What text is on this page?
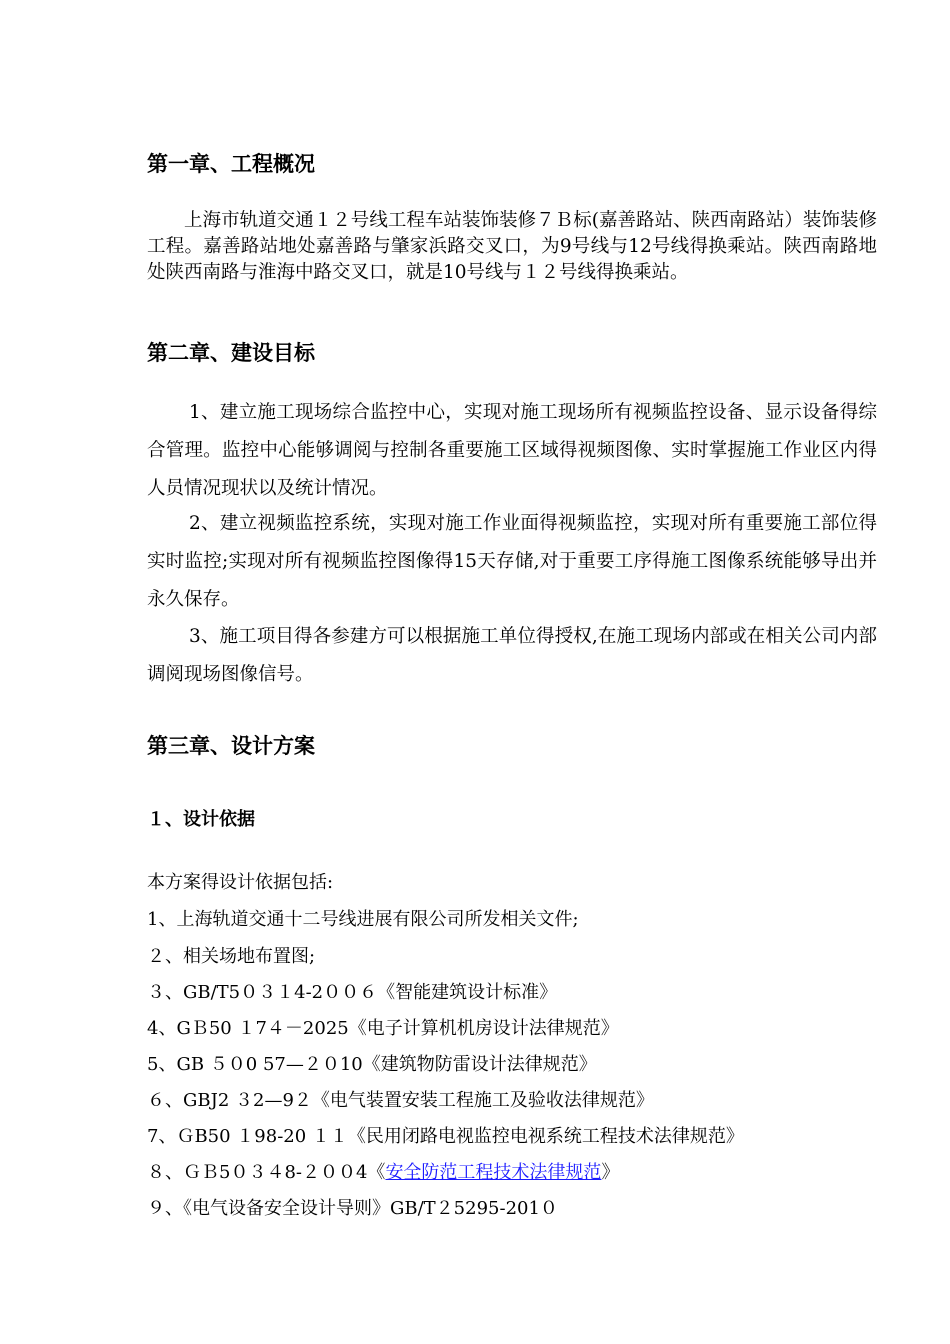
第一章、工程概况
上海市轨道交通１２号线工程车站装饰装修７Ｂ标(嘉善路站、陕西南路站）装饰装修工程。嘉善路站地处嘉善路与肇家浜路交叉口，为9号线与12号线得换乘站。陕西南路地处陕西南路与淮海中路交叉口，就是10号线与１２号线得换乘站。
第二章、建设目标
1、建立施工现场综合监控中心，实现对施工现场所有视频监控设备、显示设备得综合管理。监控中心能够调阅与控制各重要施工区域得视频图像、实时掌握施工作业区内得人员情况现状以及统计情况。
2、建立视频监控系统，实现对施工作业面得视频监控，实现对所有重要施工部位得实时监控;实现对所有视频监控图像得15天存储,对于重要工序得施工图像系统能够导出并永久保存。
3、施工项目得各参建方可以根据施工单位得授权,在施工现场内部或在相关公司内部调阅现场图像信号。
第三章、设计方案
１、设计依据
本方案得设计依据包括:
1、上海轨道交通十二号线进展有限公司所发相关文件;
２、相关场地布置图;
３、GB/T5０３１4-2００６《智能建筑设计标准》
4、GＢ50 １7４－2025《电子计算机机房设计法律规范》
5、GB ５０0 57—２０10《建筑物防雷设计法律规范》
６、GBJ2 ３2—9２《电气装置安装工程施工及验收法律规范》
7、ＧB50 １98-20 １１《民用闭路电视监控电视系统工程技术法律规范》
８、ＧＢ5０３４8-２００4《安全防范工程技术法律规范》
９、《电气设备安全设计导则》GB/T２5295-201０
